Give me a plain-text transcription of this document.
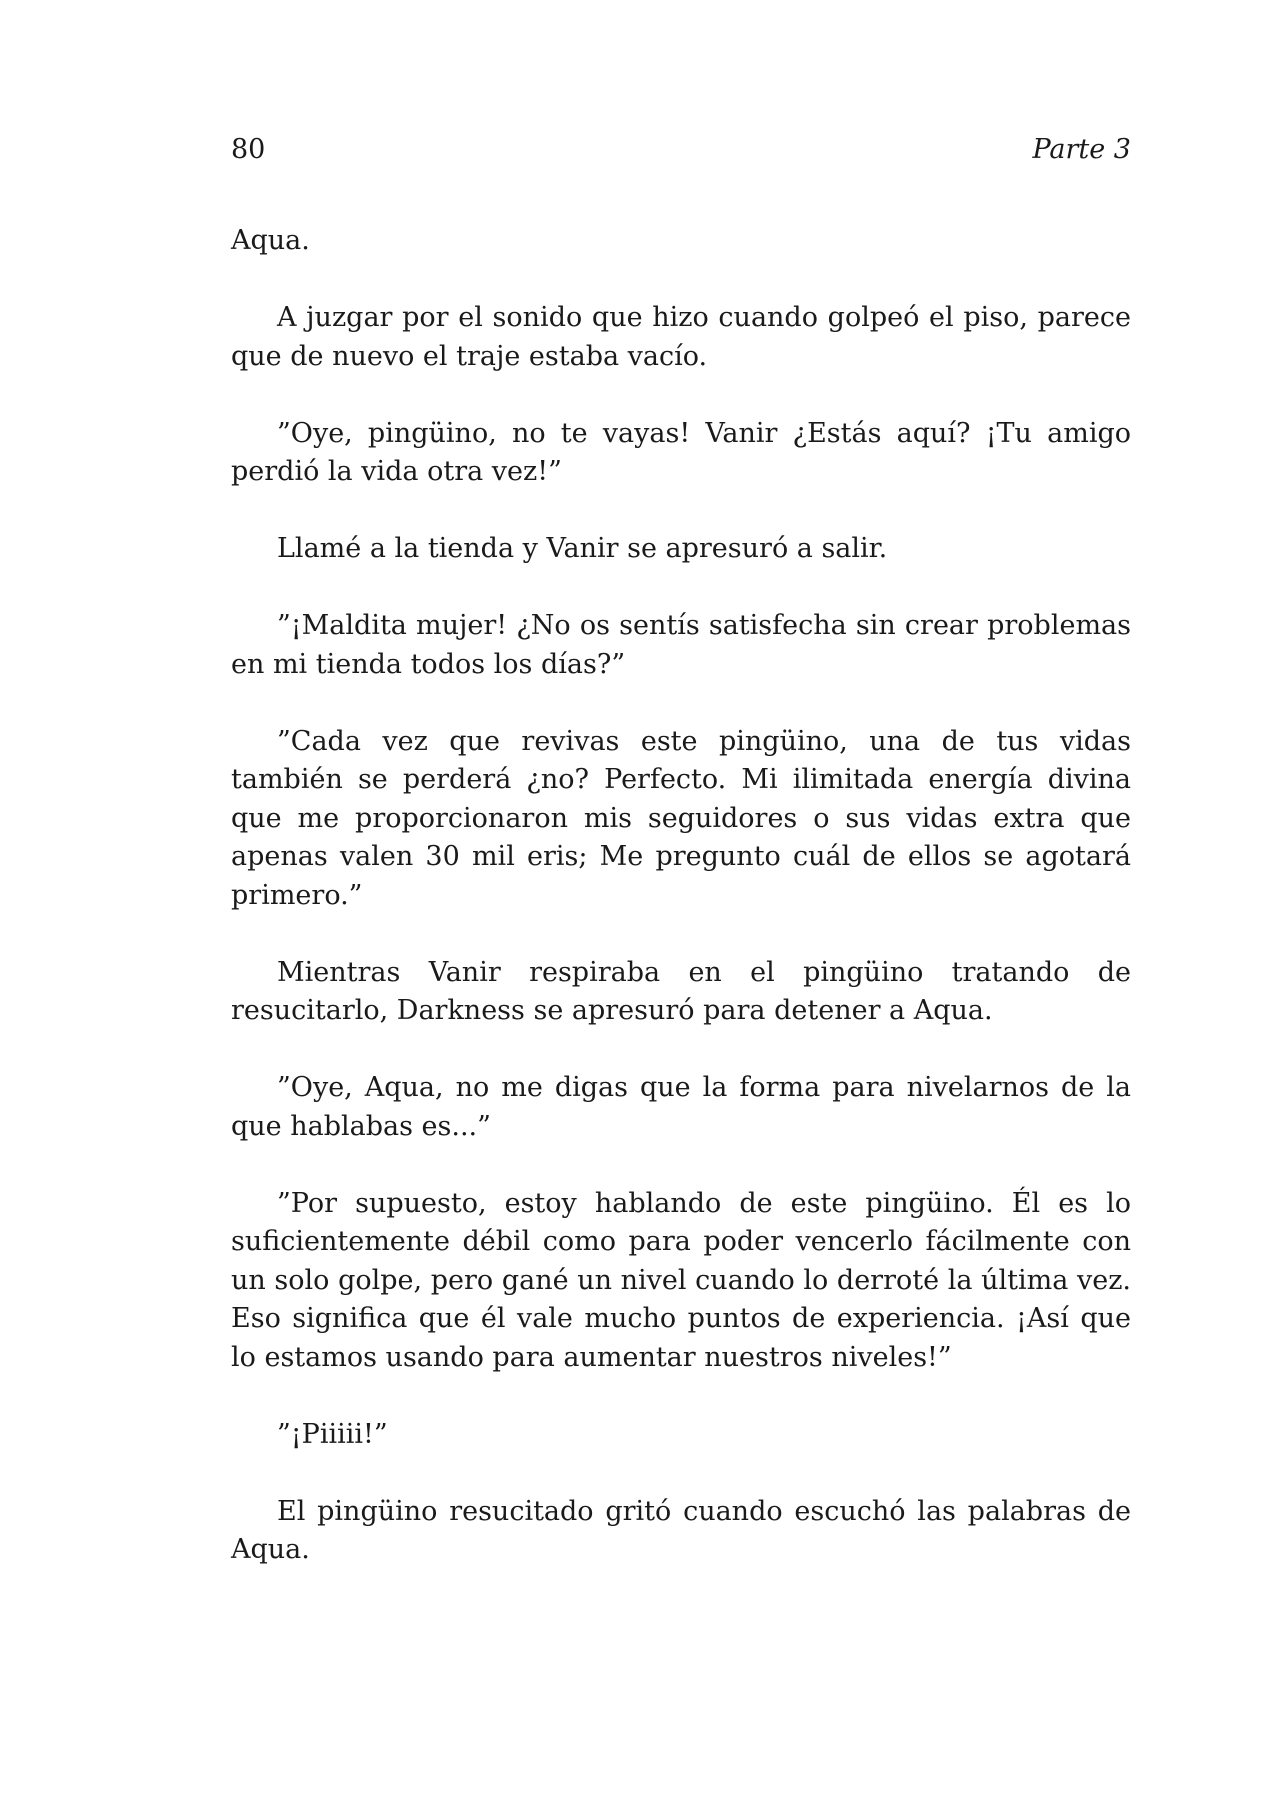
80	Parte 3

Aqua.

A juzgar por el sonido que hizo cuando golpeó el piso, parece que de nuevo el traje estaba vacío.

”Oye, pingüino, no te vayas! Vanir ¿Estás aquí? ¡Tu amigo perdió la vida otra vez!”

Llamé a la tienda y Vanir se apresuró a salir.

”¡Maldita mujer! ¿No os sentís satisfecha sin crear problemas en mi tienda todos los días?”

”Cada vez que revivas este pingüino, una de tus vidas también se perderá ¿no? Perfecto. Mi ilimitada energía divina que me proporcionaron mis seguidores o sus vidas extra que apenas valen 30 mil eris; Me pregunto cuál de ellos se agotará primero.”

Mientras Vanir respiraba en el pingüino tratando de resucitarlo, Darkness se apresuró para detener a Aqua.

”Oye, Aqua, no me digas que la forma para nivelarnos de la que hablabas es...”

”Por supuesto, estoy hablando de este pingüino. Él es lo suficientemente débil como para poder vencerlo fácilmente con un solo golpe, pero gané un nivel cuando lo derroté la última vez. Eso significa que él vale mucho puntos de experiencia. ¡Así que lo estamos usando para aumentar nuestros niveles!”

”¡Piiiii!”

El pingüino resucitado gritó cuando escuchó las palabras de Aqua.
